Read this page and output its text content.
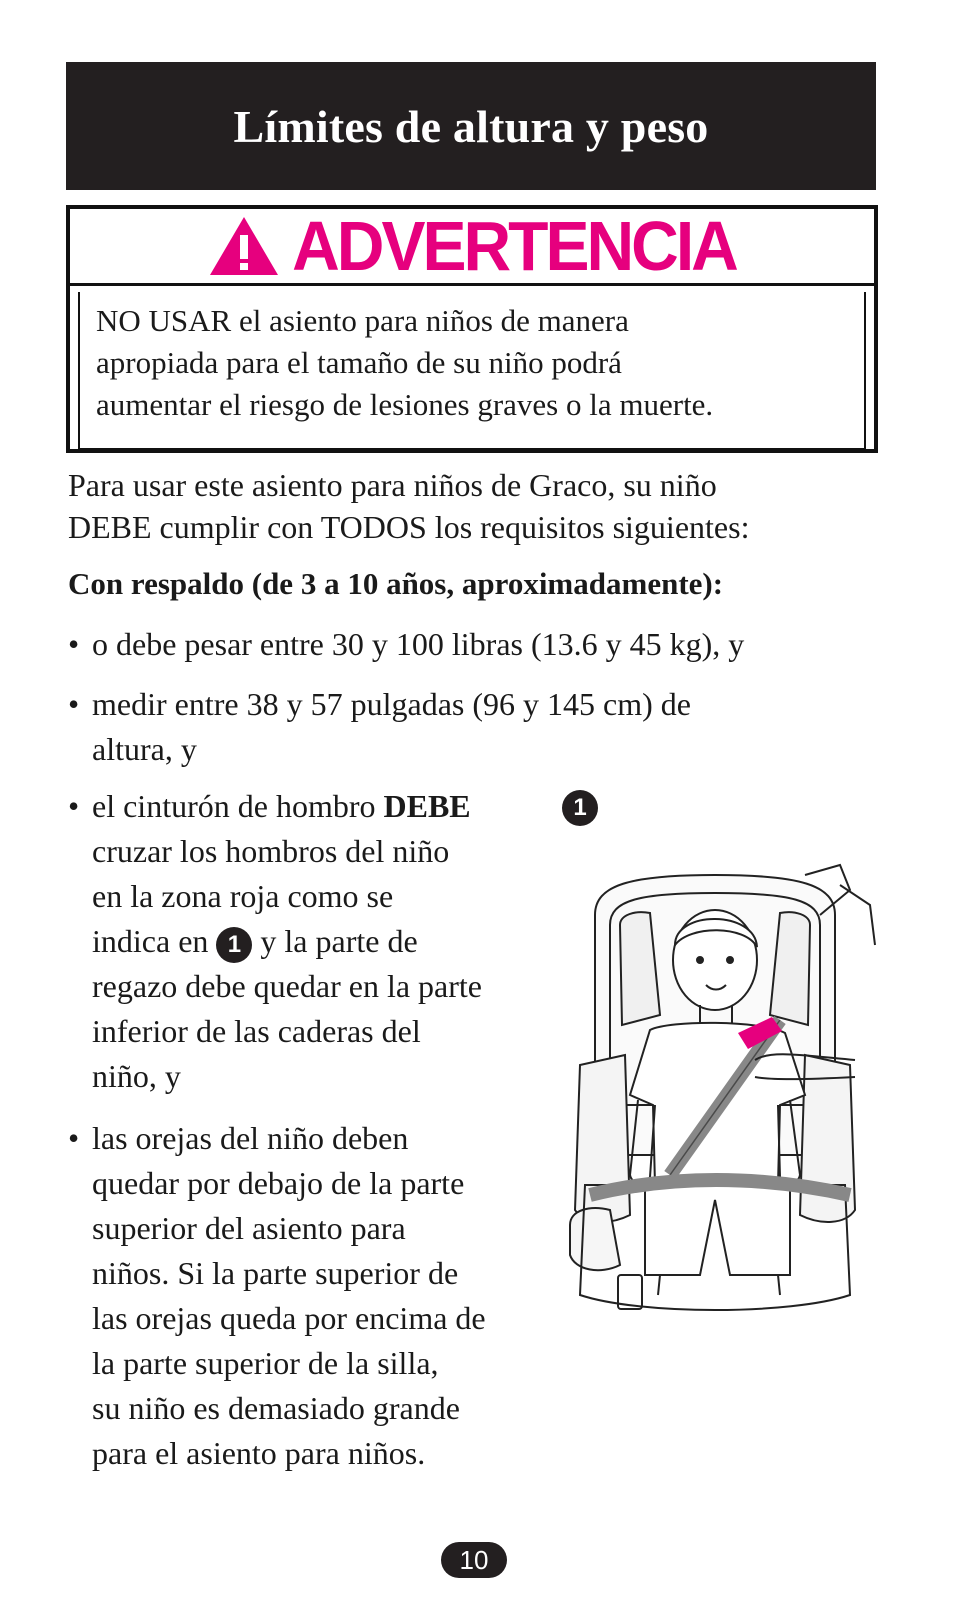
Límites de altura y peso
ADVERTENCIA
NO USAR el asiento para niños de manera
apropiada para el tamaño de su niño podrá
aumentar el riesgo de lesiones graves o la muerte.
Para usar este asiento para niños de Graco, su niño
DEBE cumplir con TODOS los requisitos siguientes:
Con respaldo (de 3 a 10 años, aproximadamente):
• o debe pesar entre 30 y 100 libras (13.6 y 45 kg), y
• medir entre 38 y 57 pulgadas (96 y 145 cm) de
altura, y
• el cinturón de hombro DEBE
cruzar los hombros del niño
en la zona roja como se
indica en 1 y la parte de
regazo debe quedar en la parte
inferior de las caderas del
niño, y
• las orejas del niño deben
quedar por debajo de la parte
superior del asiento para
niños. Si la parte superior de
las orejas queda por encima de
la parte superior de la silla,
su niño es demasiado grande
para el asiento para niños.
1
10
